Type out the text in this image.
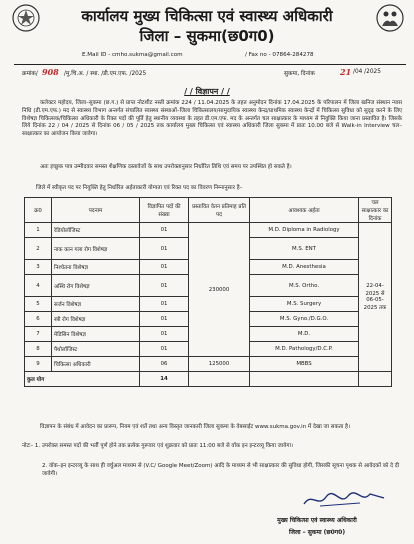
कार्यालय मुख्य चिकित्सा एवं स्वास्थ्य अधिकारी
जिला – सुकमा(छ0ग0)
E.Mail ID - cmho.sukma@gmail.com	/ Fax no - 07864-284278
क्रमांक/ 908 /मु.चि.अ. / स्था. /डी.एम.एफ. /2025	सुकमा, दिनांक	21 /04 /2025
/ / विज्ञापन / /
कलेक्टर महोदय, जिला–सुकमा (छ.ग.) से प्राप्त नोटशीट नस्ती क्रमांक 224 / 11.04.2025 के तहत अनुमोदन दिनांक 17.04.2025 के परिपालन में जिला खनिज संस्थान न्यास निधि (डी.एम.एफ.) मद से स्वास्थ्य विभाग अन्तर्गत संचालित स्वास्थ्य संस्थाओं–जिला चिकित्सालय/सामुदायिक स्वास्थ्य केन्द्र/प्राथमिक स्वास्थ्य केन्द्रों में चिकित्सा सुविधा को सुदृढ़ करने के लिए विशेषज्ञ चिकित्सक/चिकित्सा अधिकारी के रिक्त पदों की पूर्ति हेतु स्थानीय व्यवस्था के तहत डी.एम.एफ. मद के अन्तर्गत चल साक्षात्कार के माध्यम से नियुक्ति किया जाना प्रस्तावित है। जिसके लिये दिनांक 22 / 04 / 2025 से दिनांक 06 / 05 / 2025 तक कार्यालय मुख्य चिकित्सा एवं स्वास्थ्य अधिकारी जिला सुकमा में प्रातः 10.00 बजे से Walk-in Interview चल–साक्षात्कार का आयोजन किया जावेगा।
अतः इच्छुक पात्र उम्मीदवार समस्त शैक्षणिक दस्तावेजों के साथ उपरोक्तानुसार निर्धारित तिथि एवं समय पर उपस्थित हो सकते है।
जिले में स्वीकृत पद पर नियुक्ति हेतु निर्धारित अर्हताकारी योग्यता एवं रिक्त पद का विवरण निम्नानुसार है–
क्र0	पदनाम	विज्ञापित पदों की संख्या	प्रस्तावित वेतन प्रतिमाह प्रति पद	आवश्यक अर्हता	चल साक्षात्कार का दिनांक
1	रेडियोलॉजिस्ट	01	230000	M.D. Diploma in Radiology	22-04-2025 से 06-05-2025 तक
2	नाक कान गला रोग विशेषज्ञ	01		M.S. ENT	
3	निश्चेतना विशेषज्ञ	01		M.D. Anesthesia	
4	अस्थि रोग विशेषज्ञ	01		M.S. Ortho.	
5	सर्जन विशेषज्ञ	01		M.S. Surgery	
6	स्त्री रोग विशेषज्ञ	01		M.S. Gyno./D.G.O.	
7	मेडिसिन विशेषज्ञ	01		M.D.	
8	पैथोलॉजिस्ट	01		M.D. Pathology/D.C.P.	
9	चिकित्सा अधिकारी	06	125000	MBBS	
कुल योग		14			
विज्ञापन के संबंध में आवेदन का प्रारूप, नियम एवं शर्ते तथा अन्य विस्तृत जानकारी जिला सुकमा के वेबसाईट www.sukma.gov.in में देखा जा सकता है।
नोटः– 1. उपरोक्त समस्त पदों की भर्ती पूर्ण होने तक प्रत्येक गुरूवार एवं शुक्रवार को प्रातः 11:00 बजे से वॉक इन इन्टरव्यू किया जायेगा।
2. वॉक–इन इन्टरव्यू के साथ ही वर्चुअल माध्यम से (V.C/ Google Meet/Zoom) आदि के माध्यम से भी साक्षात्कार की सुविधा होगी, जिसकी सूचना पृथक से आवेदकों को दे दी जावेगी।
मुख्य चिकित्सा एवं स्वास्थ्य अधिकारी
जिला – सुकमा (छ0ग0)
